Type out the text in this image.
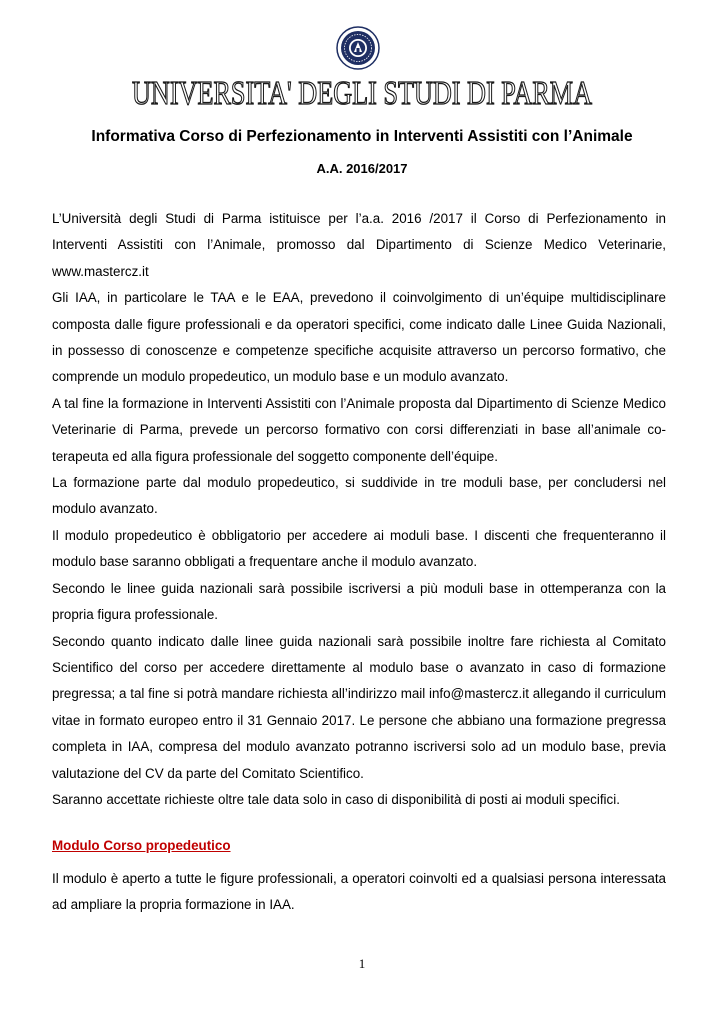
UNIVERSITA' DEGLI STUDI DI PARMA
Informativa Corso di Perfezionamento in Interventi Assistiti con l’Animale
A.A. 2016/2017

L’Università degli Studi di Parma istituisce per l’a.a. 2016 /2017 il Corso di Perfezionamento in Interventi Assistiti con l’Animale, promosso dal Dipartimento di Scienze Medico Veterinarie, www.mastercz.it

Gli IAA, in particolare le TAA e le EAA, prevedono il coinvolgimento di un’équipe multidisciplinare composta dalle figure professionali e da operatori specifici, come indicato dalle Linee Guida Nazionali, in possesso di conoscenze e competenze specifiche acquisite attraverso un percorso formativo, che comprende un modulo propedeutico, un modulo base e un modulo avanzato.

A tal fine la formazione in Interventi Assistiti con l’Animale proposta dal Dipartimento di Scienze Medico Veterinarie di Parma, prevede un percorso formativo con corsi differenziati in base all’animale co-terapeuta ed alla figura professionale del soggetto componente dell’équipe.

La formazione parte dal modulo propedeutico, si suddivide in tre moduli base, per concludersi nel modulo avanzato.

Il modulo propedeutico è obbligatorio per accedere ai moduli base. I discenti che frequenteranno il modulo base saranno obbligati a frequentare anche il modulo avanzato.

Secondo le linee guida nazionali sarà possibile iscriversi a più moduli base in ottemperanza con la propria figura professionale.

Secondo quanto indicato dalle linee guida nazionali sarà possibile inoltre fare richiesta al Comitato Scientifico del corso per accedere direttamente al modulo base o avanzato in caso di formazione pregressa; a tal fine si potrà mandare richiesta all’indirizzo mail info@mastercz.it allegando il curriculum vitae in formato europeo entro il 31 Gennaio 2017. Le persone che abbiano una formazione pregressa completa in IAA, compresa del modulo avanzato potranno iscriversi solo ad un modulo base, previa valutazione del CV da parte del Comitato Scientifico.

Saranno accettate richieste oltre tale data solo in caso di disponibilità di posti ai moduli specifici.

Modulo Corso propedeutico

Il modulo è aperto a tutte le figure professionali, a operatori coinvolti ed a qualsiasi persona interessata ad ampliare la propria formazione in IAA.

1
